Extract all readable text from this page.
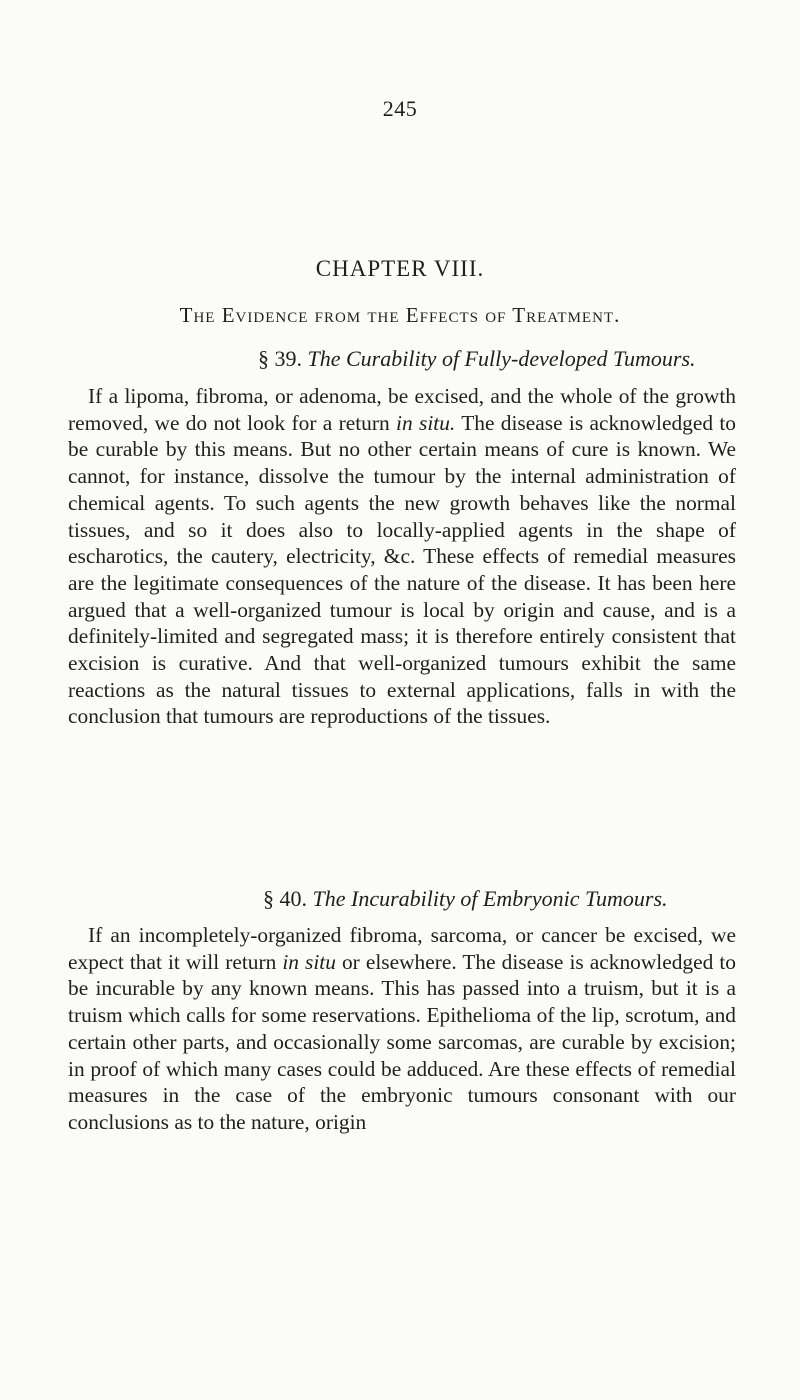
245
CHAPTER VIII.
The Evidence from the Effects of Treatment.
§ 39. The Curability of Fully-developed Tumours.
If a lipoma, fibroma, or adenoma, be excised, and the whole of the growth removed, we do not look for a return in situ. The disease is acknowledged to be curable by this means. But no other certain means of cure is known. We cannot, for instance, dissolve the tumour by the internal administration of chemical agents. To such agents the new growth behaves like the normal tissues, and so it does also to locally-applied agents in the shape of escharotics, the cautery, electricity, &c. These effects of remedial measures are the legitimate consequences of the nature of the disease. It has been here argued that a well-organized tumour is local by origin and cause, and is a definitely-limited and segregated mass; it is therefore entirely consistent that excision is curative. And that well-organized tumours exhibit the same reactions as the natural tissues to external applications, falls in with the conclusion that tumours are reproductions of the tissues.
§ 40. The Incurability of Embryonic Tumours.
If an incompletely-organized fibroma, sarcoma, or cancer be excised, we expect that it will return in situ or elsewhere. The disease is acknowledged to be incurable by any known means. This has passed into a truism, but it is a truism which calls for some reservations. Epithelioma of the lip, scrotum, and certain other parts, and occasionally some sarcomas, are curable by excision; in proof of which many cases could be adduced. Are these effects of remedial measures in the case of the embryonic tumours consonant with our conclusions as to the nature, origin
